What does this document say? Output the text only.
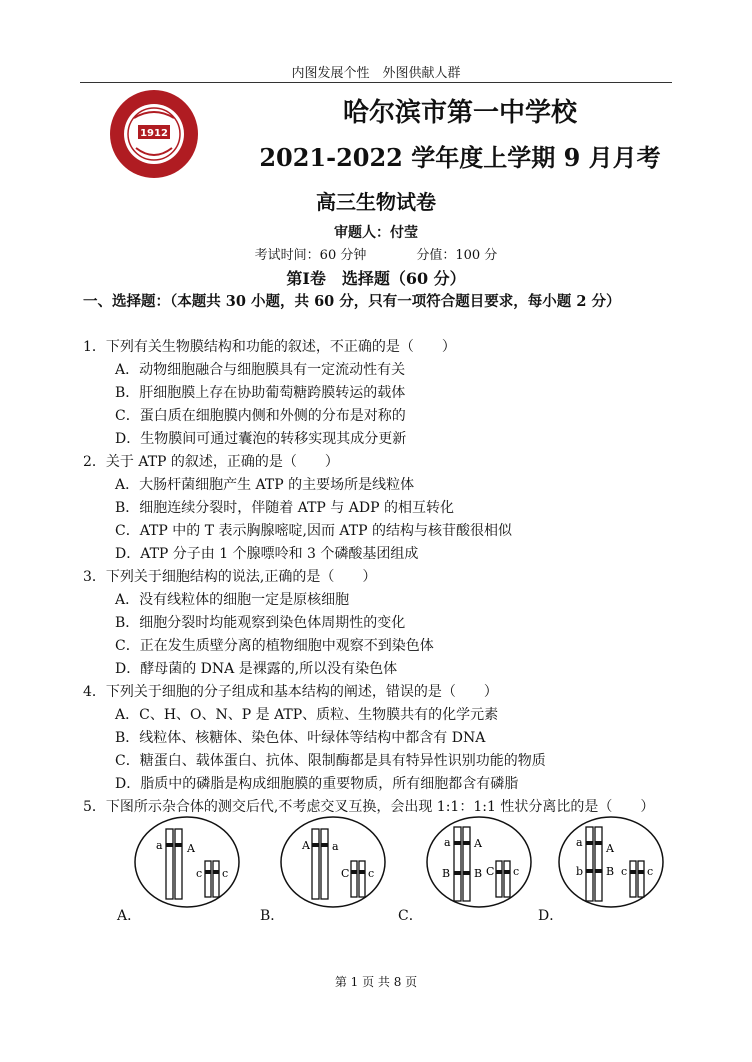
内图发展个性　外图供献人群
1912
哈尔滨市第一中学校
2021-2022 学年度上学期 9 月月考
高三生物试卷
审题人：付莹
考试时间：60 分钟	分值：100 分
第Ⅰ卷　选择题（60 分）
一、选择题：（本题共 30 小题，共 60 分，只有一项符合题目要求，每小题 2 分）
1．下列有关生物膜结构和功能的叙述，不正确的是（　　）
A．动物细胞融合与细胞膜具有一定流动性有关
B．肝细胞膜上存在协助葡萄糖跨膜转运的载体
C．蛋白质在细胞膜内侧和外侧的分布是对称的
D．生物膜间可通过囊泡的转移实现其成分更新
2．关于 ATP 的叙述，正确的是（　　）
A．大肠杆菌细胞产生 ATP 的主要场所是线粒体
B．细胞连续分裂时，伴随着 ATP 与 ADP 的相互转化
C．ATP 中的 T 表示胸腺嘧啶,因而 ATP 的结构与核苷酸很相似
D．ATP 分子由 1 个腺嘌呤和 3 个磷酸基团组成
3．下列关于细胞结构的说法,正确的是（　　）
A．没有线粒体的细胞一定是原核细胞
B．细胞分裂时均能观察到染色体周期性的变化
C．正在发生质壁分离的植物细胞中观察不到染色体
D．酵母菌的 DNA 是裸露的,所以没有染色体
4．下列关于细胞的分子组成和基本结构的阐述，错误的是（　　）
A．C、H、O、N、P 是 ATP、质粒、生物膜共有的化学元素
B．线粒体、核糖体、染色体、叶绿体等结构中都含有 DNA
C．糖蛋白、载体蛋白、抗体、限制酶都是具有特异性识别功能的物质
D．脂质中的磷脂是构成细胞膜的重要物质，所有细胞都含有磷脂
5．下图所示杂合体的测交后代,不考虑交叉互换，会出现 1:1：1:1 性状分离比的是（　　）
a A
c c
A a
C c
a A
B B C c
a A
b B c c
A．	B．	C．	D．
第 1 页 共 8 页
